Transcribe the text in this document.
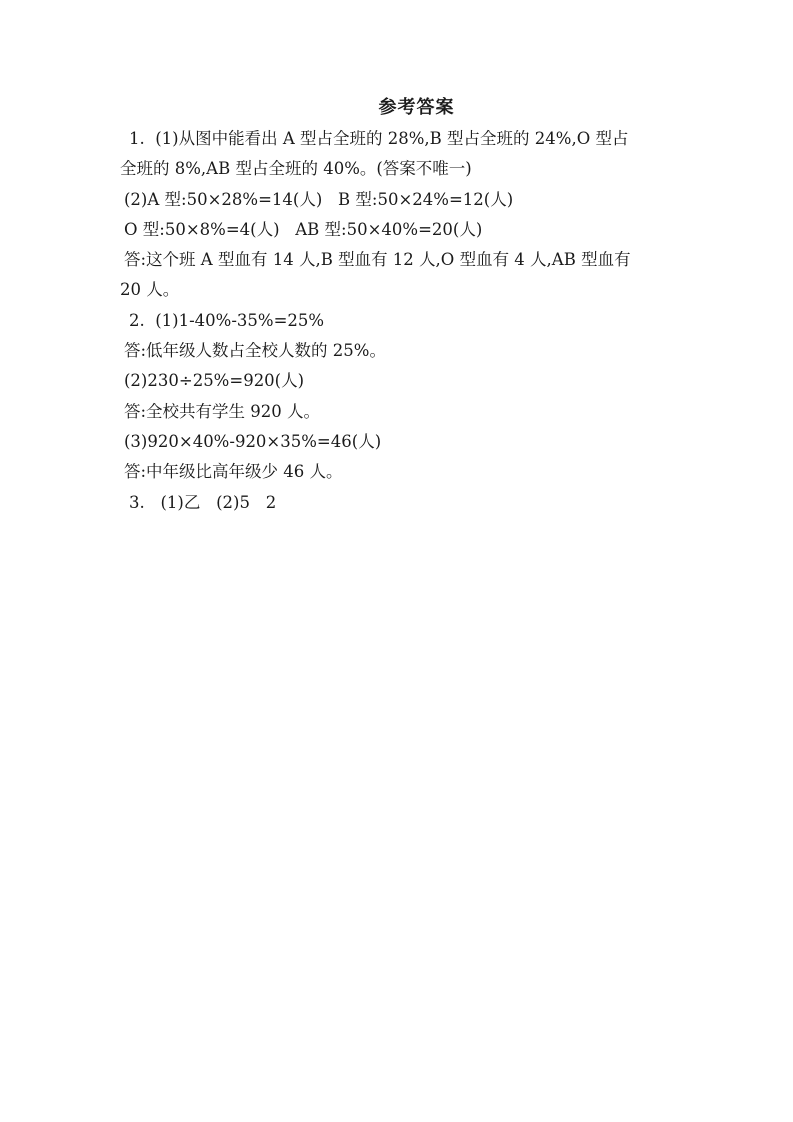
参考答案
1.  (1)从图中能看出 A 型占全班的 28%,B 型占全班的 24%,O 型占
全班的 8%,AB 型占全班的 40%。(答案不唯一)
(2)A 型:50×28%=14(人)   B 型:50×24%=12(人)
O 型:50×8%=4(人)   AB 型:50×40%=20(人)
答:这个班 A 型血有 14 人,B 型血有 12 人,O 型血有 4 人,AB 型血有
20 人。
2.  (1)1-40%-35%=25%
答:低年级人数占全校人数的 25%。
(2)230÷25%=920(人)
答:全校共有学生 920 人。
(3)920×40%-920×35%=46(人)
答:中年级比高年级少 46 人。
3.   (1)乙   (2)5   2
